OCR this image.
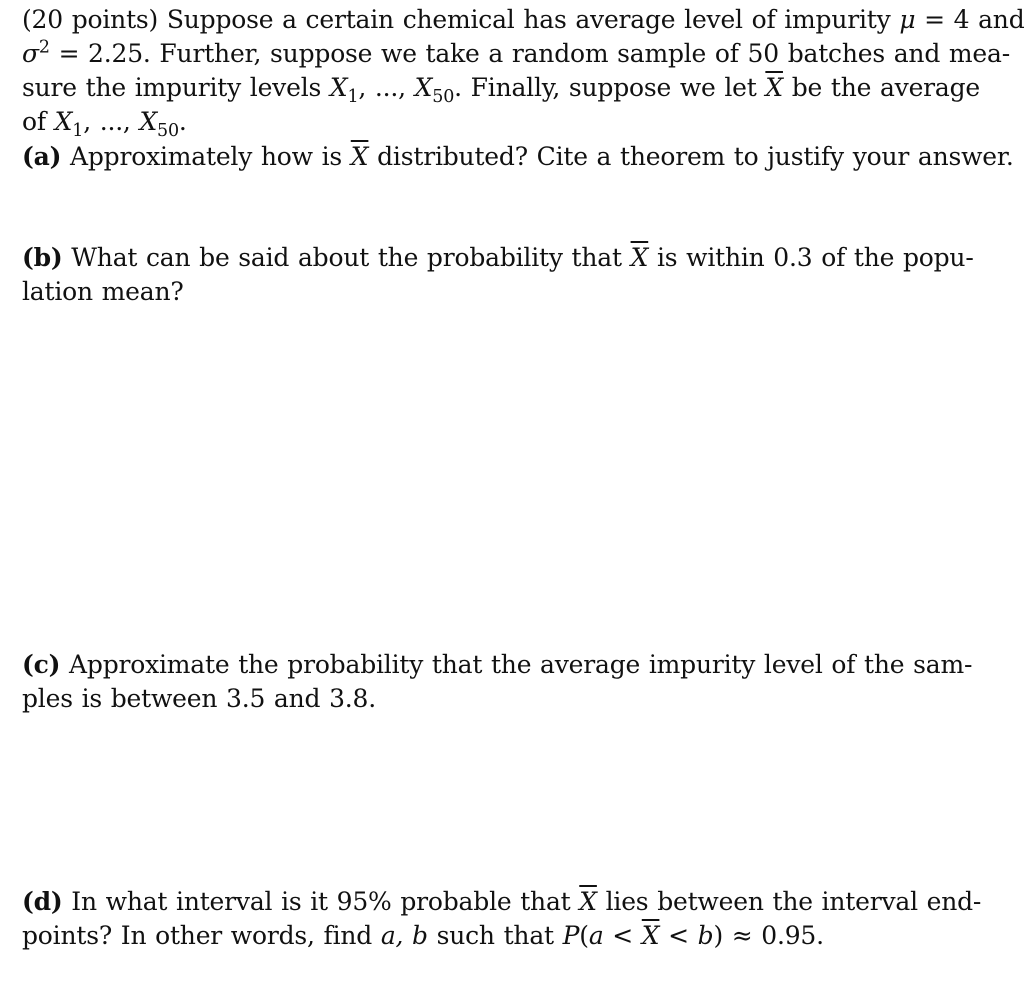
(20 points) Suppose a certain chemical has average level of impurity μ = 4 and
$\sigma^2 = 2.25$. Further, suppose we take a random sample of 50 batches and mea-
sure the impurity levels $X_1$, ..., $X_{50}$. Finally, suppose we let $\overline{X}$ be the average
of $X_1$, ..., $X_{50}$.
(a) Approximately how is $\overline{X}$ distributed? Cite a theorem to justify your answer.
(b) What can be said about the probability that $\overline{X}$ is within 0.3 of the popu-
lation mean?
(c) Approximate the probability that the average impurity level of the sam-
ples is between 3.5 and 3.8.
(d) In what interval is it 95% probable that $\overline{X}$ lies between the interval end-
points? In other words, find a, b such that $P(a < \overline{X} < b) \approx 0.95$.
